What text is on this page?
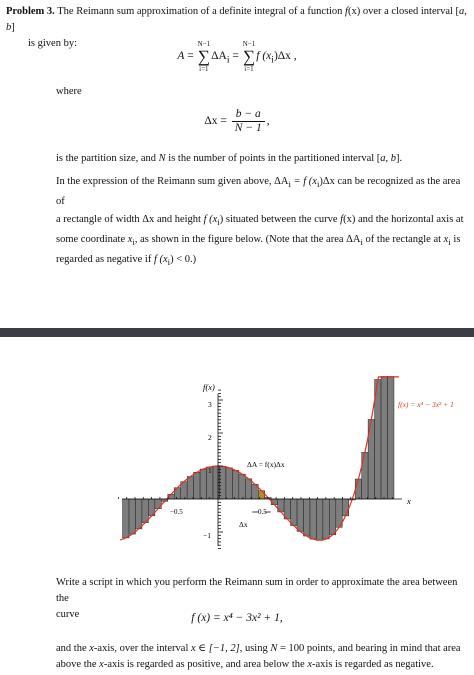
Problem 3. The Reimann sum approximation of a definite integral of a function f(x) over a closed interval [a, b]
is given by:
A = N−1
∑
$i=1\Delta A_i = N-1$
∑
i=1f $(x_i)\Delta x$ ,
where
$\Delta x = \frac{b - a}{N - 1}$ ,
is the partition size, and N is the number of points in the partitioned interval [a, b].
In the expression of the Reimann sum given above, $\Delta A_i = f$ $(x_i)\Delta x$ can be recognized as the area of
a rectangle of width Δx and height f $(x_i)$ situated between the curve f(x) and the horizontal axis at
some coordinate $x_i$, as shown in the figure below. (Note that the area $\Delta A_i$ of the rectangle at $x_i$ is
regarded as negative if f $(x_i) < 0$.)
f(x)
x
3
2
1
−1
−0.5	0.5
f(x) = x⁴ − 3x² + 1
ΔA = f(x)Δx
Δx
Write a script in which you perform the Reimann sum in order to approximate the area between the
curve	f (x) = x⁴ − 3x² + 1,
and the x-axis, over the interval x ∈ [−1, 2], using N = 100 points, and bearing in mind that area
above the x-axis is regarded as positive, and area below the x-axis is regarded as negative.
